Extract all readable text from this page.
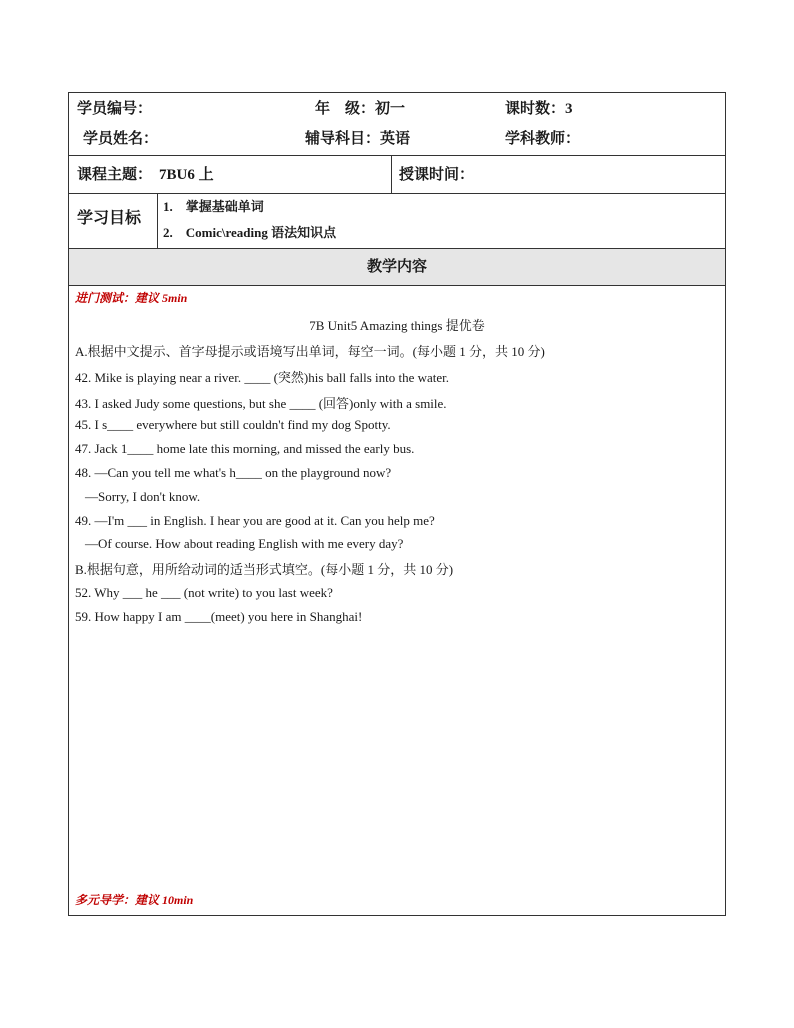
学员编号：	年　级：初一	课时数：3
学员姓名：	辅导科目：英语	学科教师：
课程主题： 7BU6 上	授课时间：
学习目标
1.　掌握基础单词
2.　Comic\reading 语法知识点
教学内容
进门测试：建议 5min
7B Unit5 Amazing things 提优卷
A.根据中文提示、首字母提示或语境写出单词，每空一词。(每小题 1 分，共 10 分)
42. Mike is playing near a river. ____ (突然)his ball falls into the water.
43. I asked Judy some questions, but she ____ (回答)only with a smile.
45. I s____ everywhere but still couldn't find my dog Spotty.
47. Jack 1____ home late this morning, and missed the early bus.
48. —Can you tell me what's h____ on the playground now?
—Sorry, I don't know.
49. —I'm ___ in English. I hear you are good at it. Can you help me?
—Of course. How about reading English with me every day?
B.根据句意，用所给动词的适当形式填空。(每小题 1 分，共 10 分)
52. Why ___ he ___ (not write) to you last week?
59. How happy I am ____(meet) you here in Shanghai!
多元导学：建议 10min
